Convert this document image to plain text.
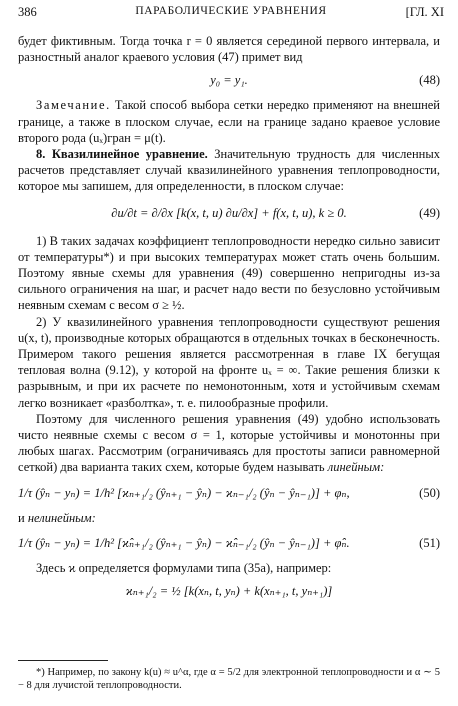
386	ПАРАБОЛИЧЕСКИЕ УРАВНЕНИЯ	[ГЛ. XI

будет фиктивным. Тогда точка r = 0 является серединой первого интервала, и разностный аналог краевого условия (47) примет вид

y₀ = y₁.	(48)

Замечание. Такой способ выбора сетки нередко применяют на внешней границе, а также в плоском случае, если на границе задано краевое условие второго рода (uₓ)гран = μ(t).

8. Квазилинейное уравнение. Значительную трудность для численных расчетов представляет случай квазилинейного уравнения теплопроводности, которое мы запишем, для определенности, в плоском случае:

∂u/∂t = ∂/∂x [k(x, t, u) ∂u/∂x] + f(x, t, u), k ≥ 0.	(49)

1) В таких задачах коэффициент теплопроводности нередко сильно зависит от температуры*) и при высоких температурах может стать очень большим. Поэтому явные схемы для уравнения (49) совершенно непригодны из-за сильного ограничения на шаг, и расчет надо вести по безусловно устойчивым неявным схемам с весом σ ≥ ½.

2) У квазилинейного уравнения теплопроводности существуют решения u(x, t), производные которых обращаются в отдельных точках в бесконечность. Примером такого решения является рассмотренная в главе IX бегущая тепловая волна (9.12), у которой на фронте uₓ = ∞. Такие решения близки к разрывным, и при их расчете по немонотонным, хотя и устойчивым схемам легко возникает «разболтка», т. е. пилообразные профили.

Поэтому для численного решения уравнения (49) удобно использовать чисто неявные схемы с весом σ = 1, которые устойчивы и монотонны при любых шагах. Рассмотрим (ограничиваясь для простоты записи равномерной сеткой) два варианта таких схем, которые будем называть линейным:

1/τ (ŷₙ − yₙ) = 1/h² [ϰₙ₊₁/₂ (ŷₙ₊₁ − ŷₙ) − ϰₙ₋₁/₂ (ŷₙ − ŷₙ₋₁)] + φₙ,	(50)

и нелинейным:

1/τ (ŷₙ − yₙ) = 1/h² [ϰ̂ₙ₊₁/₂ (ŷₙ₊₁ − ŷₙ) − ϰ̂ₙ₋₁/₂ (ŷₙ − ŷₙ₋₁)] + φ̂ₙ.	(51)

Здесь ϰ определяется формулами типа (35а), например:

ϰₙ₊₁/₂ = ½ [k(xₙ, t, yₙ) + k(xₙ₊₁, t, yₙ₊₁)]

*) Например, по закону k(u) ≈ u^α, где α = 5/2 для электронной теплопроводности и α ∼ 5 − 8 для лучистой теплопроводности.
